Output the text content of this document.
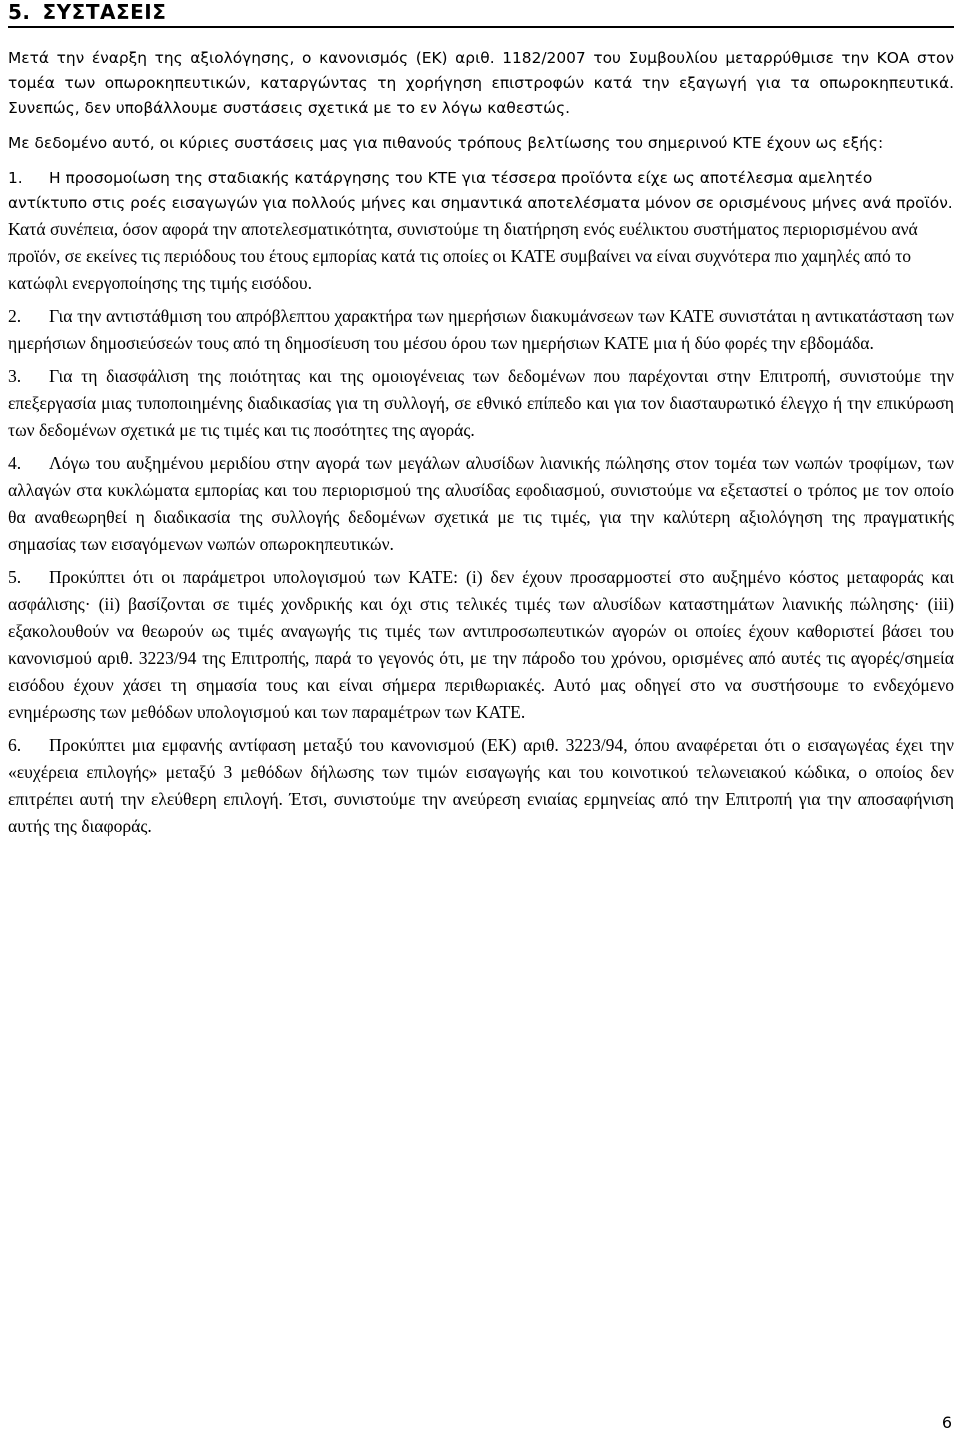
5. ΣΥΣΤΑΣΕΙΣ

Μετά την έναρξη της αξιολόγησης, ο κανονισμός (ΕΚ) αριθ. 1182/2007 του Συμβουλίου μεταρρύθμισε την ΚΟΑ στον τομέα των οπωροκηπευτικών, καταργώντας τη χορήγηση επιστροφών κατά την εξαγωγή για τα οπωροκηπευτικά. Συνεπώς, δεν υποβάλλουμε συστάσεις σχετικά με το εν λόγω καθεστώς.

Με δεδομένο αυτό, οι κύριες συστάσεις μας για πιθανούς τρόπους βελτίωσης του σημερινού ΚΤΕ έχουν ως εξής:

1.	Η προσομοίωση της σταδιακής κατάργησης του ΚΤΕ για τέσσερα προϊόντα είχε ως αποτέλεσμα αμελητέο αντίκτυπο στις ροές εισαγωγών για πολλούς μήνες και σημαντικά αποτελέσματα μόνον σε ορισμένους μήνες ανά προϊόν. Κατά συνέπεια, όσον αφορά την αποτελεσματικότητα, συνιστούμε τη διατήρηση ενός ευέλικτου συστήματος περιορισμένου ανά προϊόν, σε εκείνες τις περιόδους του έτους εμπορίας κατά τις οποίες οι ΚΑΤΕ συμβαίνει να είναι συχνότερα πιο χαμηλές από το κατώφλι ενεργοποίησης της τιμής εισόδου.

2.	Για την αντιστάθμιση του απρόβλεπτου χαρακτήρα των ημερήσιων διακυμάνσεων των ΚΑΤΕ συνιστάται η αντικατάσταση των ημερήσιων δημοσιεύσεών τους από τη δημοσίευση του μέσου όρου των ημερήσιων ΚΑΤΕ μια ή δύο φορές την εβδομάδα.

3.	Για τη διασφάλιση της ποιότητας και της ομοιογένειας των δεδομένων που παρέχονται στην Επιτροπή, συνιστούμε την επεξεργασία μιας τυποποιημένης διαδικασίας για τη συλλογή, σε εθνικό επίπεδο και για τον διασταυρωτικό έλεγχο ή την επικύρωση των δεδομένων σχετικά με τις τιμές και τις ποσότητες της αγοράς.

4.	Λόγω του αυξημένου μεριδίου στην αγορά των μεγάλων αλυσίδων λιανικής πώλησης στον τομέα των νωπών τροφίμων, των αλλαγών στα κυκλώματα εμπορίας και του περιορισμού της αλυσίδας εφοδιασμού, συνιστούμε να εξεταστεί ο τρόπος με τον οποίο θα αναθεωρηθεί η διαδικασία της συλλογής δεδομένων σχετικά με τις τιμές, για την καλύτερη αξιολόγηση της πραγματικής σημασίας των εισαγόμενων νωπών οπωροκηπευτικών.

5.	Προκύπτει ότι οι παράμετροι υπολογισμού των ΚΑΤΕ: (i) δεν έχουν προσαρμοστεί στο αυξημένο κόστος μεταφοράς και ασφάλισης· (ii) βασίζονται σε τιμές χονδρικής και όχι στις τελικές τιμές των αλυσίδων καταστημάτων λιανικής πώλησης· (iii) εξακολουθούν να θεωρούν ως τιμές αναγωγής τις τιμές των αντιπροσωπευτικών αγορών οι οποίες έχουν καθοριστεί βάσει του κανονισμού αριθ. 3223/94 της Επιτροπής, παρά το γεγονός ότι, με την πάροδο του χρόνου, ορισμένες από αυτές τις αγορές/σημεία εισόδου έχουν χάσει τη σημασία τους και είναι σήμερα περιθωριακές. Αυτό μας οδηγεί στο να συστήσουμε το ενδεχόμενο ενημέρωσης των μεθόδων υπολογισμού και των παραμέτρων των ΚΑΤΕ.

6.	Προκύπτει μια εμφανής αντίφαση μεταξύ του κανονισμού (ΕΚ) αριθ. 3223/94, όπου αναφέρεται ότι ο εισαγωγέας έχει την «ευχέρεια επιλογής» μεταξύ 3 μεθόδων δήλωσης των τιμών εισαγωγής και του κοινοτικού τελωνειακού κώδικα, ο οποίος δεν επιτρέπει αυτή την ελεύθερη επιλογή. Έτσι, συνιστούμε την ανεύρεση ενιαίας ερμηνείας από την Επιτροπή για την αποσαφήνιση αυτής της διαφοράς.

6
